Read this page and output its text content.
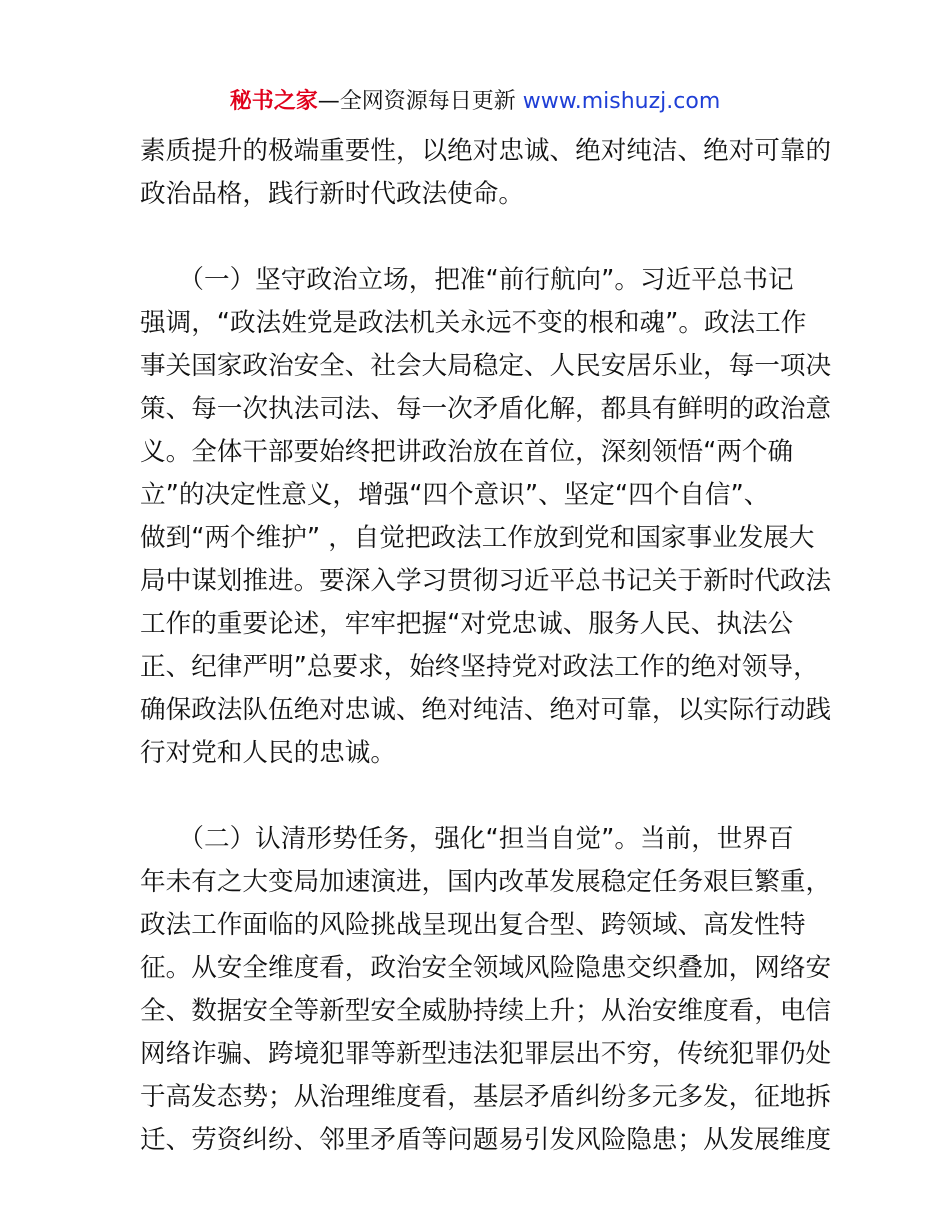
秘书之家—全网资源每日更新 www.mishuzj.com
素质提升的极端重要性，以绝对忠诚、绝对纯洁、绝对可靠的
政治品格，践行新时代政法使命。
　　（一）坚守政治立场，把准“前行航向”。习近平总书记
强调，“政法姓党是政法机关永远不变的根和魂”。政法工作
事关国家政治安全、社会大局稳定、人民安居乐业，每一项决
策、每一次执法司法、每一次矛盾化解，都具有鲜明的政治意
义。全体干部要始终把讲政治放在首位，深刻领悟“两个确
立”的决定性意义，增强“四个意识”、坚定“四个自信”、
做到“两个维护” ，自觉把政法工作放到党和国家事业发展大
局中谋划推进。要深入学习贯彻习近平总书记关于新时代政法
工作的重要论述，牢牢把握“对党忠诚、服务人民、执法公
正、纪律严明”总要求，始终坚持党对政法工作的绝对领导，
确保政法队伍绝对忠诚、绝对纯洁、绝对可靠，以实际行动践
行对党和人民的忠诚。
　　（二）认清形势任务，强化“担当自觉”。当前，世界百
年未有之大变局加速演进，国内改革发展稳定任务艰巨繁重，
政法工作面临的风险挑战呈现出复合型、跨领域、高发性特
征。从安全维度看，政治安全领域风险隐患交织叠加，网络安
全、数据安全等新型安全威胁持续上升；从治安维度看，电信
网络诈骗、跨境犯罪等新型违法犯罪层出不穷，传统犯罪仍处
于高发态势；从治理维度看，基层矛盾纠纷多元多发，征地拆
迁、劳资纠纷、邻里矛盾等问题易引发风险隐患；从发展维度
